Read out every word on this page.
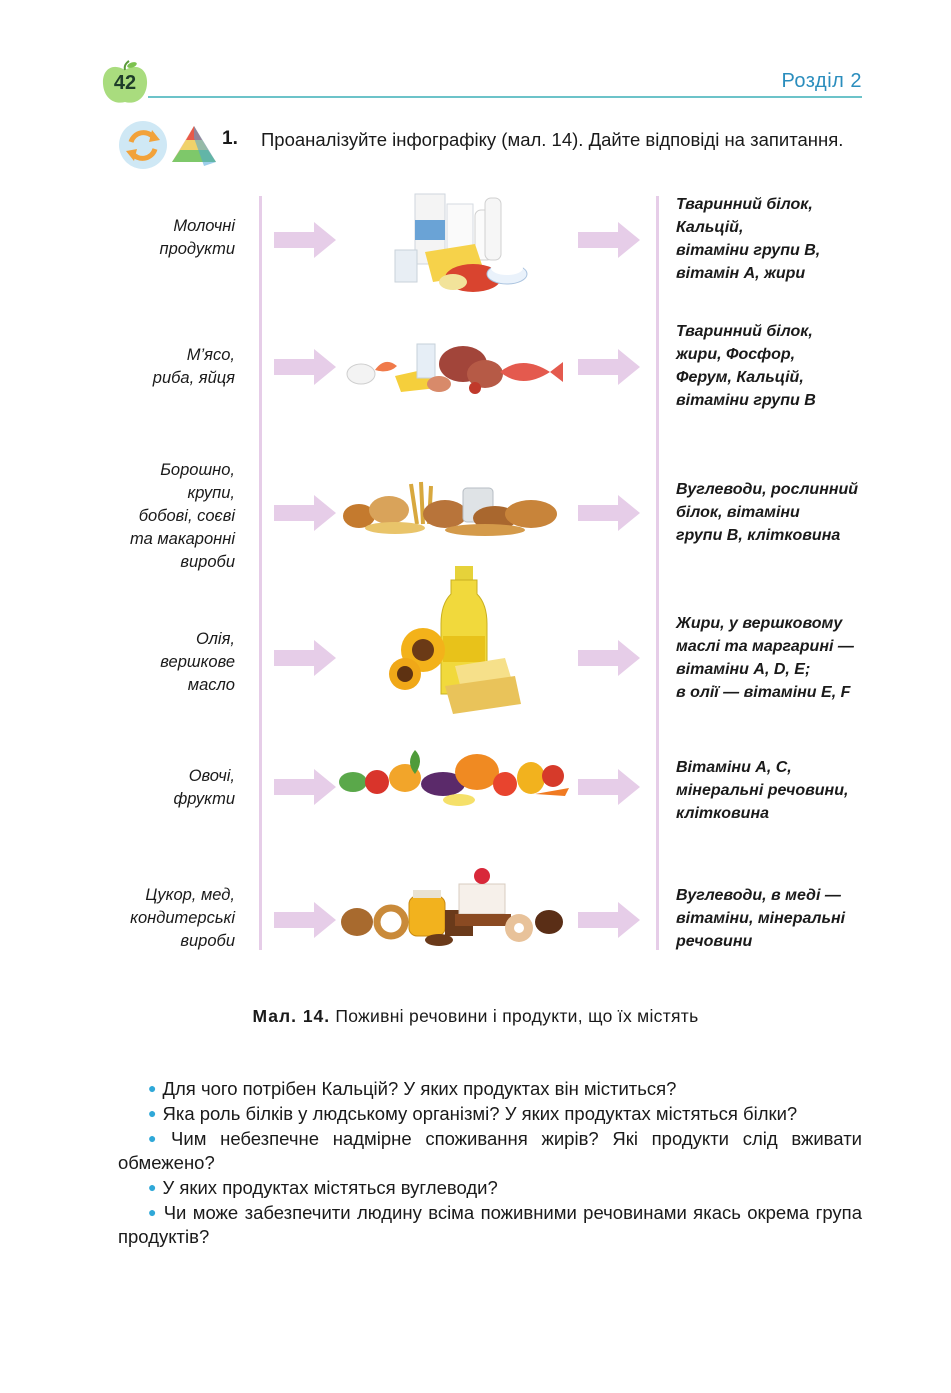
42	Розділ 2
1. Проаналізуйте інфографіку (мал. 14). Дайте відповіді на запитання.
Молочні
продукти
Тваринний білок,
Кальцій,
вітаміни групи В,
вітамін А, жири
М’ясо,
риба, яйця
Тваринний білок,
жири, Фосфор,
Ферум, Кальцій,
вітаміни групи В
Борошно,
крупи,
бобові, соєві
та макаронні
вироби
Вуглеводи, рослинний
білок, вітаміни
групи В, клітковина
Олія,
вершкове
масло
Жири, у вершковому
маслі та маргарині —
вітаміни А, D, E;
в олії — вітаміни Е, F
Овочі,
фрукти
Вітаміни А, С,
мінеральні речовини,
клітковина
Цукор, мед,
кондитерські
вироби
Вуглеводи, в меді —
вітаміни, мінеральні
речовини
Мал. 14. Поживні речовини і продукти, що їх містять

● Для чого потрібен Кальцій? У яких продуктах він міститься?

● Яка роль білків у людському організмі? У яких продуктах містяться білки?

● Чим небезпечне надмірне споживання жирів? Які продукти слід вживати обмежено?

● У яких продуктах містяться вуглеводи?

● Чи може забезпечити людину всіма поживними речовинами якась окрема група продуктів?
